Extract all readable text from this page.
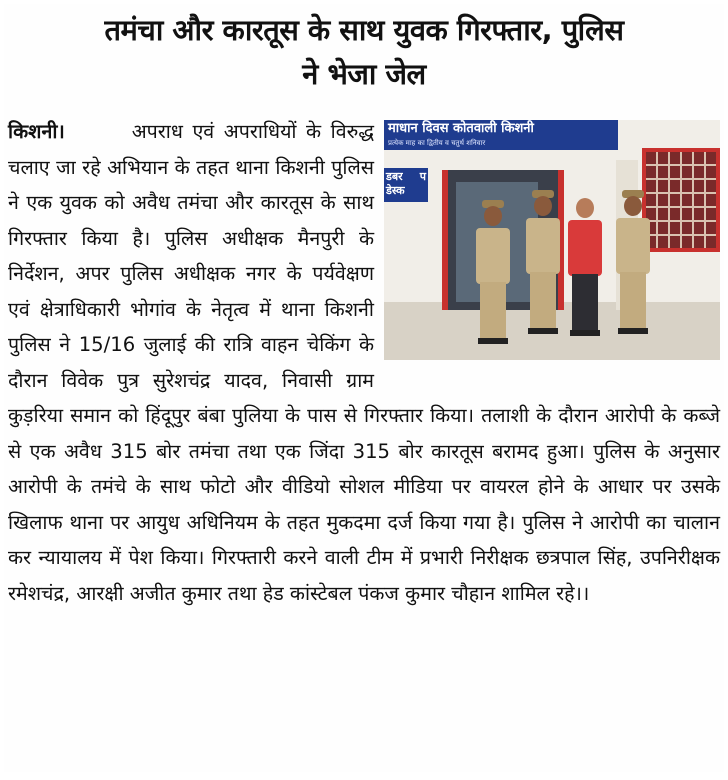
तमंचा और कारतूस के साथ युवक गिरफ्तार, पुलिस
ने भेजा जेल
माधान दिवस कोतवाली किशनी
प्रत्येक माह का द्वितीय व चतुर्थ शनिवार
डबर प डेस्क
किशनी।	अपराध एवं अपराधियों के विरुद्ध चलाए जा रहे अभियान के तहत थाना किशनी पुलिस ने एक युवक को अवैध तमंचा और कारतूस के साथ गिरफ्तार किया है। पुलिस अधीक्षक मैनपुरी के निर्देशन, अपर पुलिस अधीक्षक नगर के पर्यवेक्षण एवं क्षेत्राधिकारी भोगांव के नेतृत्व में थाना किशनी पुलिस ने 15/16 जुलाई की रात्रि वाहन चेकिंग के दौरान विवेक पुत्र सुरेशचंद्र यादव, निवासी ग्राम कुड़रिया समान को हिंदूपुर बंबा पुलिया के पास से गिरफ्तार किया। तलाशी के दौरान आरोपी के कब्जे से एक अवैध 315 बोर तमंचा तथा एक जिंदा 315 बोर कारतूस बरामद हुआ। पुलिस के अनुसार आरोपी के तमंचे के साथ फोटो और वीडियो सोशल मीडिया पर वायरल होने के आधार पर उसके खिलाफ थाना पर आयुध अधिनियम के तहत मुकदमा दर्ज किया गया है। पुलिस ने आरोपी का चालान कर न्यायालय में पेश किया। गिरफ्तारी करने वाली टीम में प्रभारी निरीक्षक छत्रपाल सिंह, उपनिरीक्षक रमेशचंद्र, आरक्षी अजीत कुमार तथा हेड कांस्टेबल पंकज कुमार चौहान शामिल रहे।।
